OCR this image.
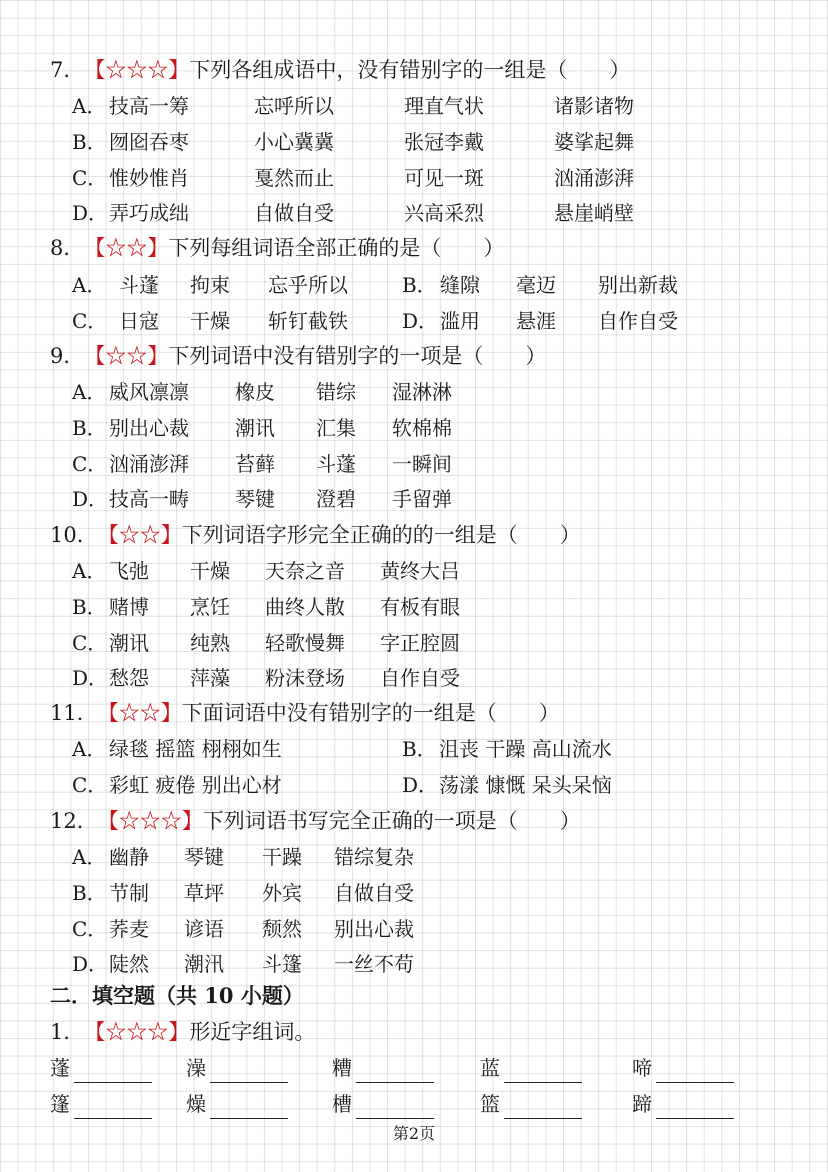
7．【☆☆☆】下列各组成语中，没有错别字的一组是（　　）
A． 技高一筹	忘呼所以	理直气状	诸影诸物
B． 囫囵吞枣	小心冀冀	张冠李戴	婆挲起舞
C． 惟妙惟肖	戛然而止	可见一斑	汹涌澎湃
D． 弄巧成绌	自做自受	兴高采烈	悬崖峭壁
8．【☆☆】下列每组词语全部正确的是（　　）
A． 斗蓬 拘束 忘乎所以	B． 缝隙 毫迈 别出新裁
C． 日寇 干燥 斩钉截铁	D． 滥用 悬涯 自作自受
9．【☆☆】下列词语中没有错别字的一项是（　　）
A． 威风凛凛 橡皮 错综 湿淋淋
B． 别出心裁 潮讯 汇集 软棉棉
C． 汹涌澎湃 苔藓 斗蓬 一瞬间
D． 技高一畴 琴键 澄碧 手留弹
10．【☆☆】下列词语字形完全正确的的一组是（　　）
A． 飞弛 干燥 天奈之音 黄终大吕
B． 赌博 烹饪 曲终人散 有板有眼
C． 潮讯 纯熟 轻歌慢舞 字正腔圆
D． 愁怨 萍藻 粉沫登场 自作自受
11．【☆☆】下面词语中没有错别字的一组是（　　）
A． 绿毯 摇篮 栩栩如生	B． 沮丧 干躁 高山流水
C． 彩虹 疲倦 别出心材	D． 荡漾 慷慨 呆头呆恼
12．【☆☆☆】下列词语书写完全正确的一项是（　　）
A． 幽静 琴键 干躁 错综复杂
B． 节制 草坪 外宾 自做自受
C． 荞麦 谚语 颓然 别出心裁
D． 陡然 潮汛 斗篷 一丝不苟
二．填空题（共 10 小题）
1．【☆☆☆】形近字组词。
蓬	澡	糟	蓝	啼
篷	燥	槽	篮	蹄
第2页
